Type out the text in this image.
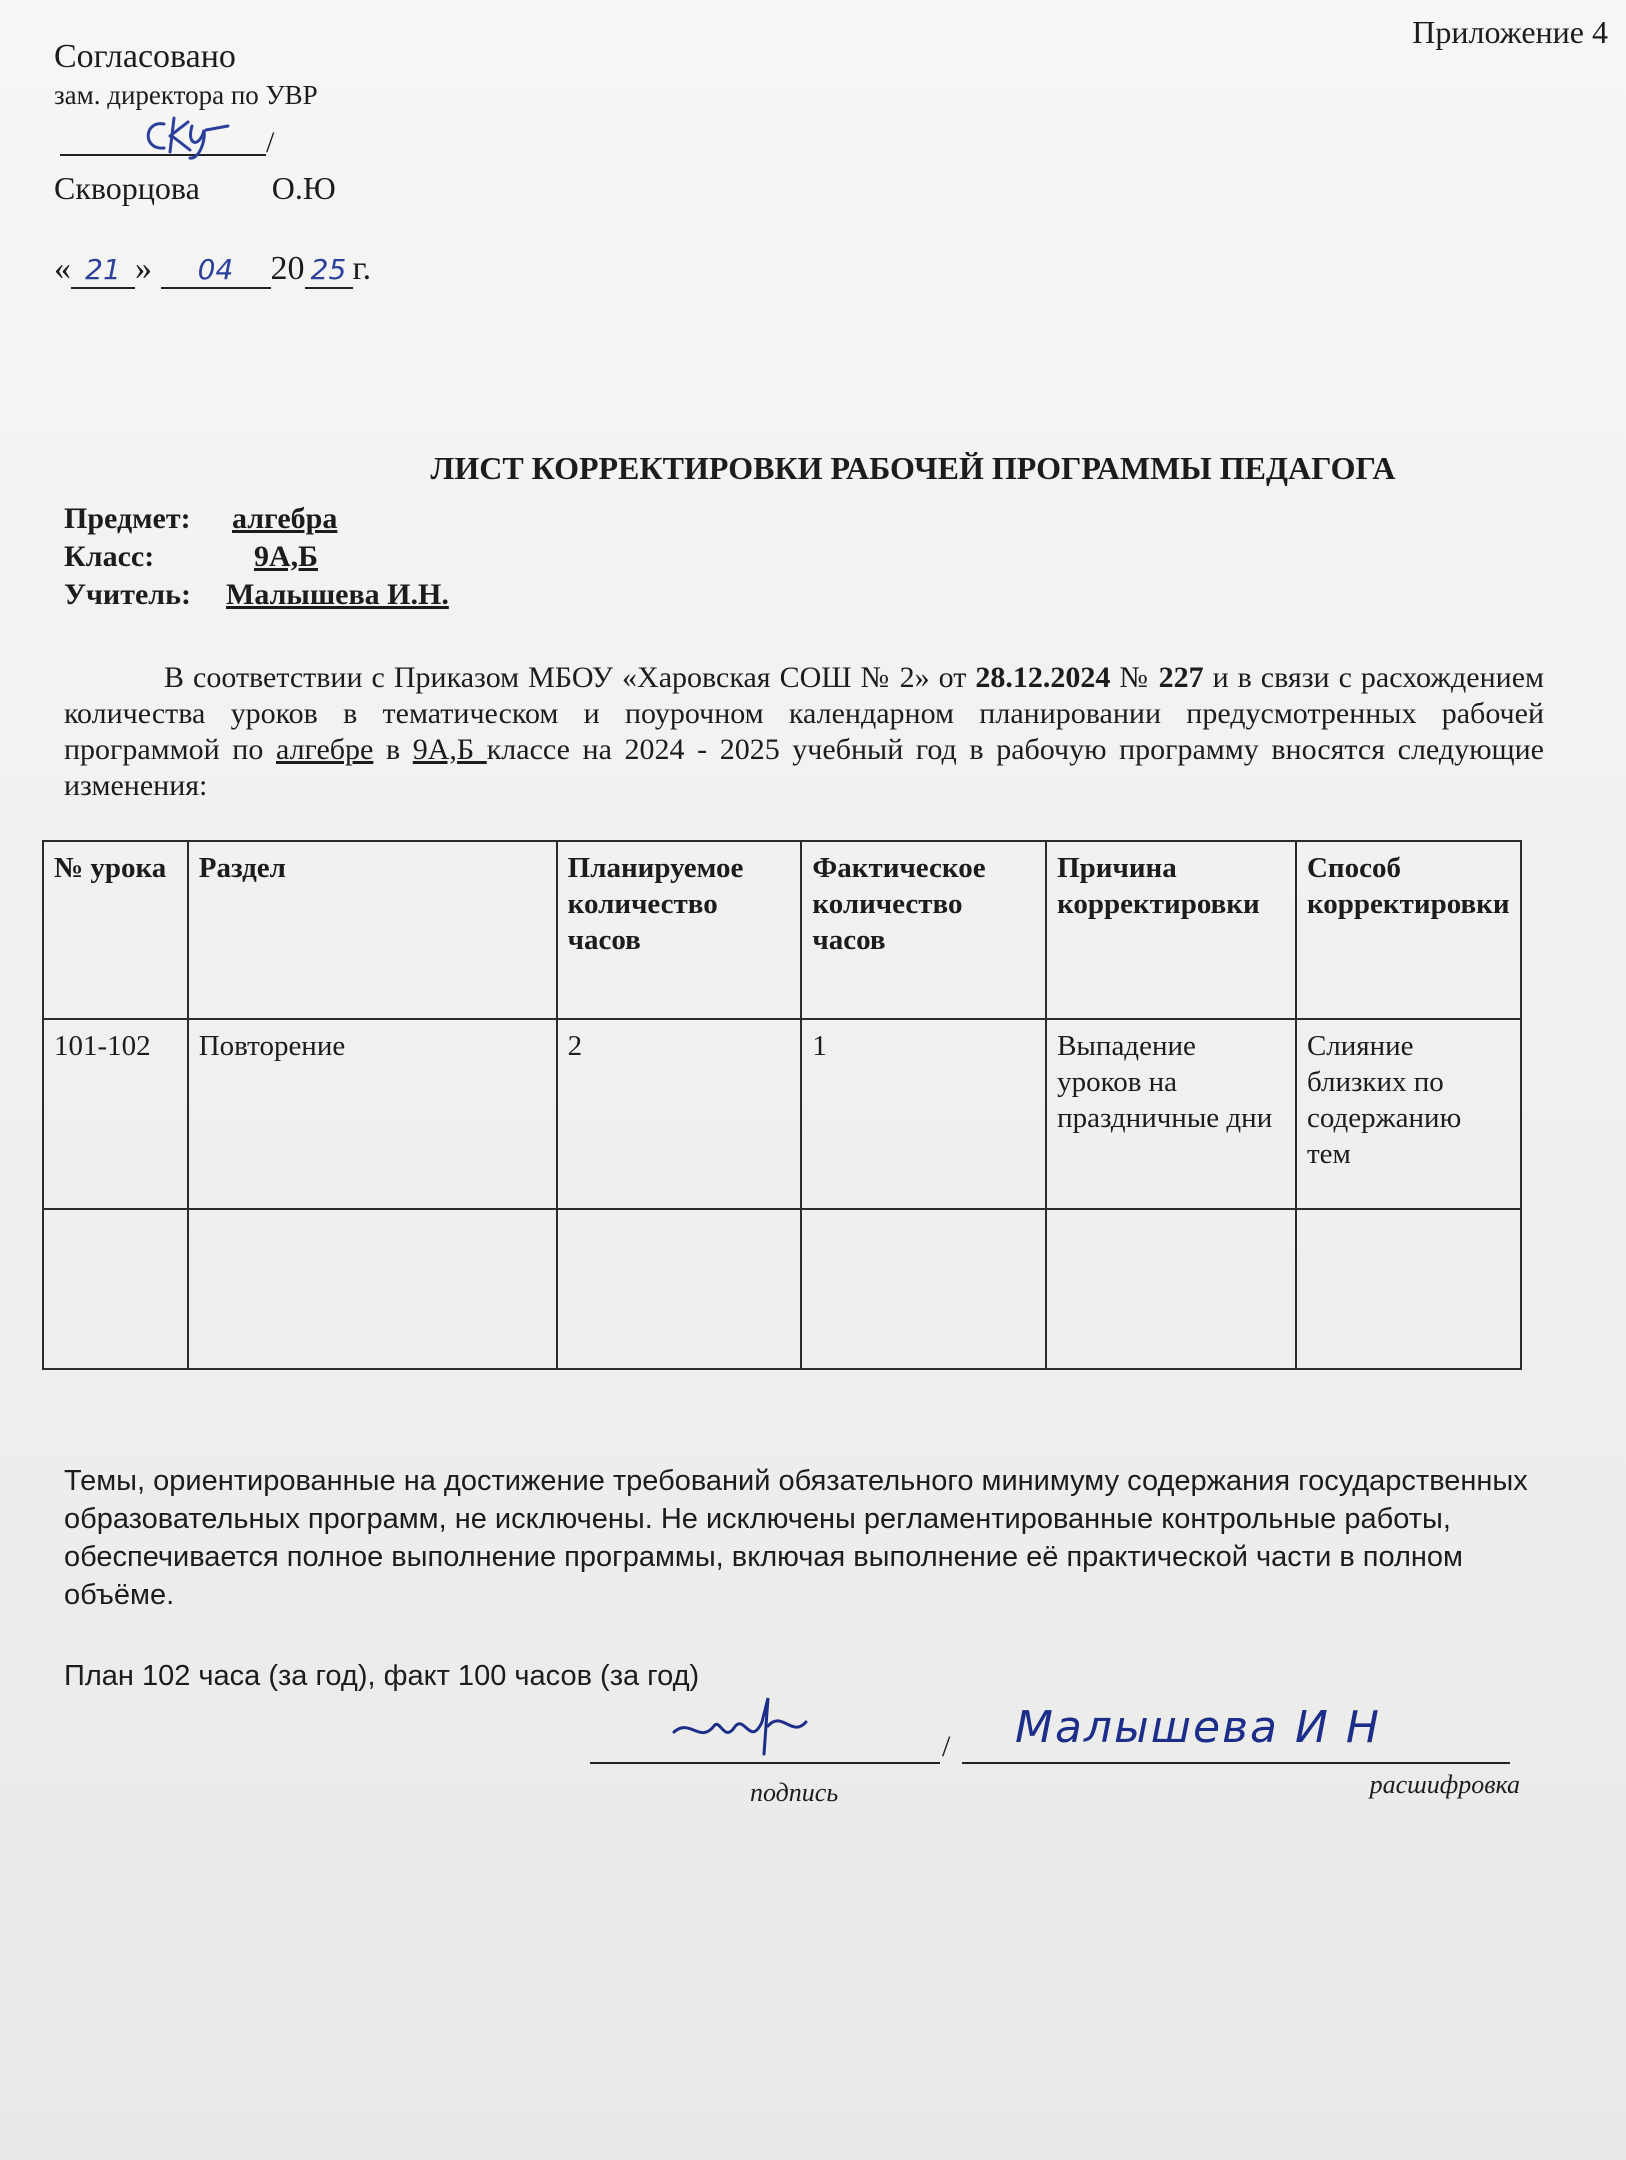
Приложение 4
Согласовано
зам. директора по УВР
/
Скворцова О.Ю
« 21 » 04 20 25 г.
ЛИСТ КОРРЕКТИРОВКИ РАБОЧЕЙ ПРОГРАММЫ ПЕДАГОГА
Предмет: алгебра
Класс:	9А,Б
Учитель: Малышева И.Н.
В соответствии с Приказом МБОУ «Харовская СОШ № 2» от 28.12.2024 № 227 и в связи с расхождением количества уроков в тематическом и поурочном календарном планировании предусмотренных рабочей программой по алгебре в 9А,Б классе на 2024 - 2025 учебный год в рабочую программу вносятся следующие изменения:
№ урока	Раздел	Планируемое количество часов	Фактическое количество часов	Причина корректировки	Способ корректировки
101-102	Повторение	2	1	Выпадение уроков на праздничные дни	Слияние близких по содержанию тем

Темы, ориентированные на достижение требований обязательного минимуму содержания государственных образовательных программ, не исключены. Не исключены регламентированные контрольные работы, обеспечивается полное выполнение программы, включая выполнение её практической части в полном объёме.
План 102 часа (за год), факт 100 часов (за год)
/ Малышева И Н
подпись	расшифровка
